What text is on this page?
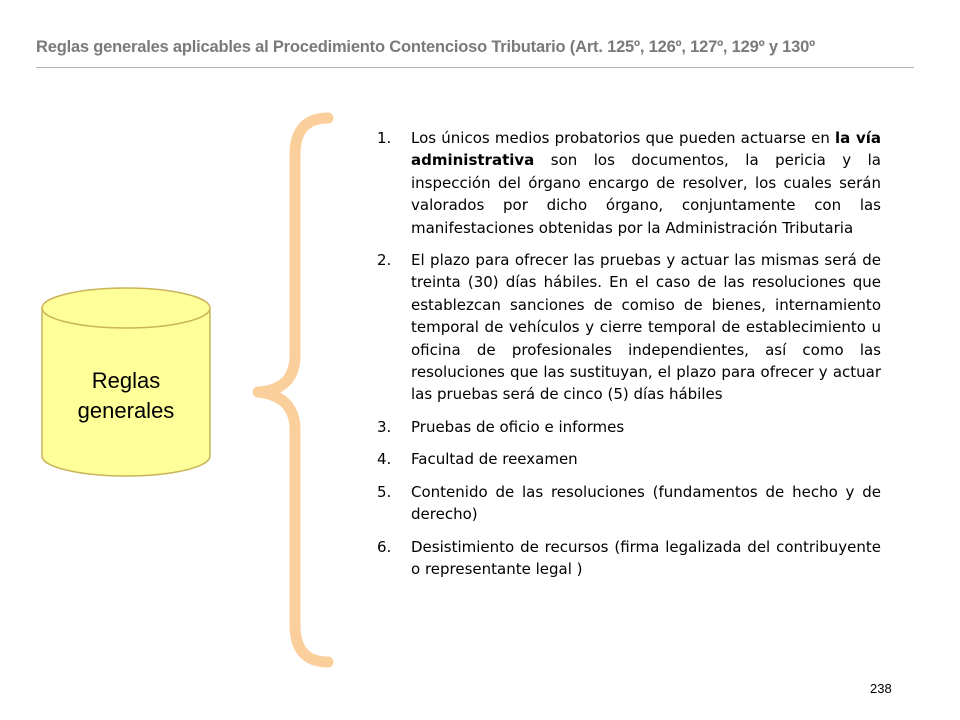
Reglas generales aplicables al Procedimiento Contencioso Tributario (Art. 125º, 126º, 127º, 129º y 130º
Reglas
generales
1. Los únicos medios probatorios que pueden actuarse en la vía administrativa son los documentos, la pericia y la inspección del órgano encargo de resolver, los cuales serán valorados por dicho órgano, conjuntamente con las manifestaciones obtenidas por la Administración Tributaria
2. El plazo para ofrecer las pruebas y actuar las mismas será de treinta (30) días hábiles. En el caso de las resoluciones que establezcan sanciones de comiso de bienes, internamiento temporal de vehículos y cierre temporal de establecimiento u oficina de profesionales independientes, así como las resoluciones que las sustituyan, el plazo para ofrecer y actuar las pruebas será de cinco (5) días hábiles
3. Pruebas de oficio e informes
4. Facultad de reexamen
5. Contenido de las resoluciones (fundamentos de hecho y de derecho)
6. Desistimiento de recursos (firma legalizada del contribuyente o representante legal )
238
